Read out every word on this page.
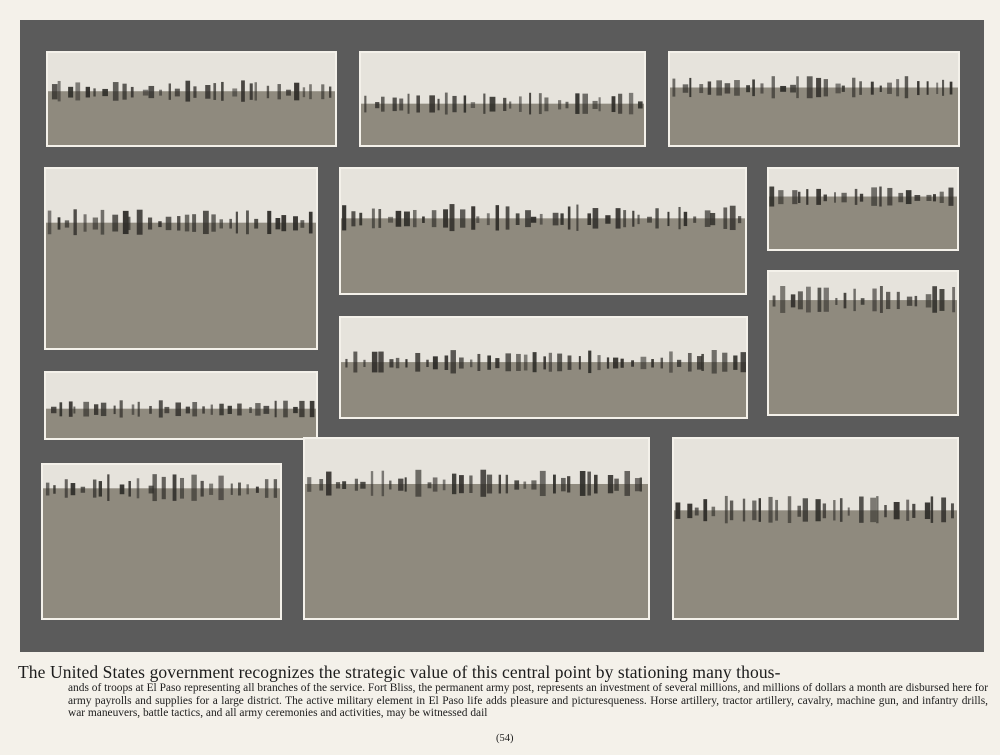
The United States government recognizes the strategic value of this central point by stationing many thous-

ands of troops at El Paso representing all branches of the service. Fort Bliss, the permanent army post, represents an investment of several millions, and millions of dollars a month are disbursed here for army payrolls and supplies for a large district. The active military element in El Paso life adds pleasure and picturesqueness. Horse artillery, tractor artillery, cavalry, machine gun, and infantry drills, war maneuvers, battle tactics, and all army ceremonies and activities, may be witnessed dail

(54)
